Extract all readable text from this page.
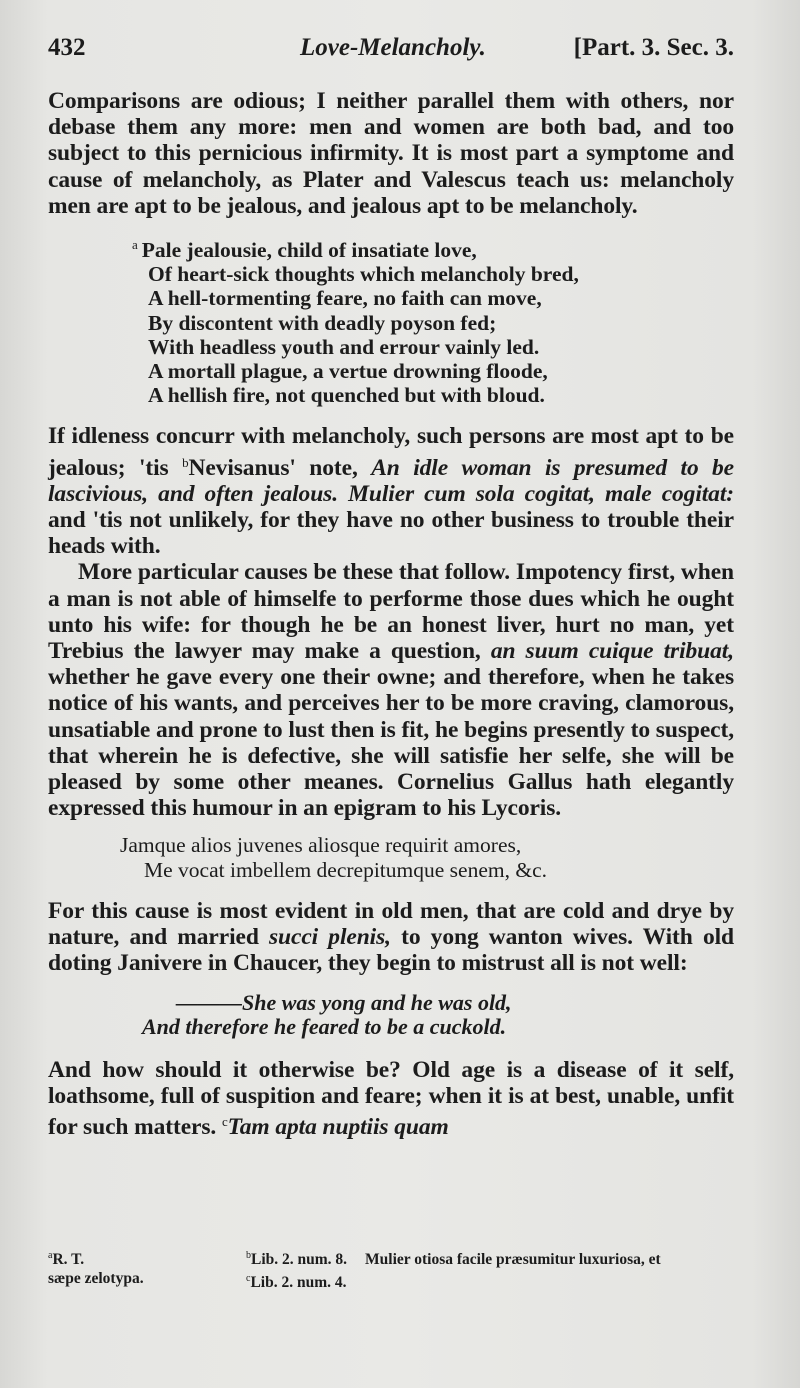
432	Love-Melancholy.	[Part. 3. Sec. 3.

Comparisons are odious; I neither parallel them with others, nor debase them any more: men and women are both bad, and too subject to this pernicious infirmity. It is most part a symptome and cause of melancholy, as Plater and Valescus teach us: melancholy men are apt to be jealous, and jealous apt to be melancholy.

$^a$ Pale jealousie, child of insatiate love,
Of heart-sick thoughts which melancholy bred,
A hell-tormenting feare, no faith can move,
By discontent with deadly poyson fed;
With headless youth and errour vainly led.
A mortall plague, a vertue drowning floode,
A hellish fire, not quenched but with bloud.

If idleness concurr with melancholy, such persons are most apt to be jealous; 'tis $^b$Nevisanus' note, An idle woman is presumed to be lascivious, and often jealous. Mulier cum sola cogitat, male cogitat: and 'tis not unlikely, for they have no other business to trouble their heads with.

More particular causes be these that follow. Impotency first, when a man is not able of himselfe to performe those dues which he ought unto his wife: for though he be an honest liver, hurt no man, yet Trebius the lawyer may make a question, an suum cuique tribuat, whether he gave every one their owne; and therefore, when he takes notice of his wants, and perceives her to be more craving, clamorous, unsatiable and prone to lust then is fit, he begins presently to suspect, that wherein he is defective, she will satisfie her selfe, she will be pleased by some other meanes. Cornelius Gallus hath elegantly expressed this humour in an epigram to his Lycoris.

Jamque alios juvenes aliosque requirit amores,
Me vocat imbellem decrepitumque senem, &c.

For this cause is most evident in old men, that are cold and drye by nature, and married succi plenis, to yong wanton wives. With old doting Janivere in Chaucer, they begin to mistrust all is not well:

———She was yong and he was old,
And therefore he feared to be a cuckold.

And how should it otherwise be? Old age is a disease of it self, loathsome, full of suspition and feare; when it is at best, unable, unfit for such matters. $^c$Tam apta nuptiis quam

$^a$R. T.
sæpe zelotypa.
$^b$Lib. 2. num. 8. Mulier otiosa facile præsumitur luxuriosa, et
$^c$Lib. 2. num. 4.
